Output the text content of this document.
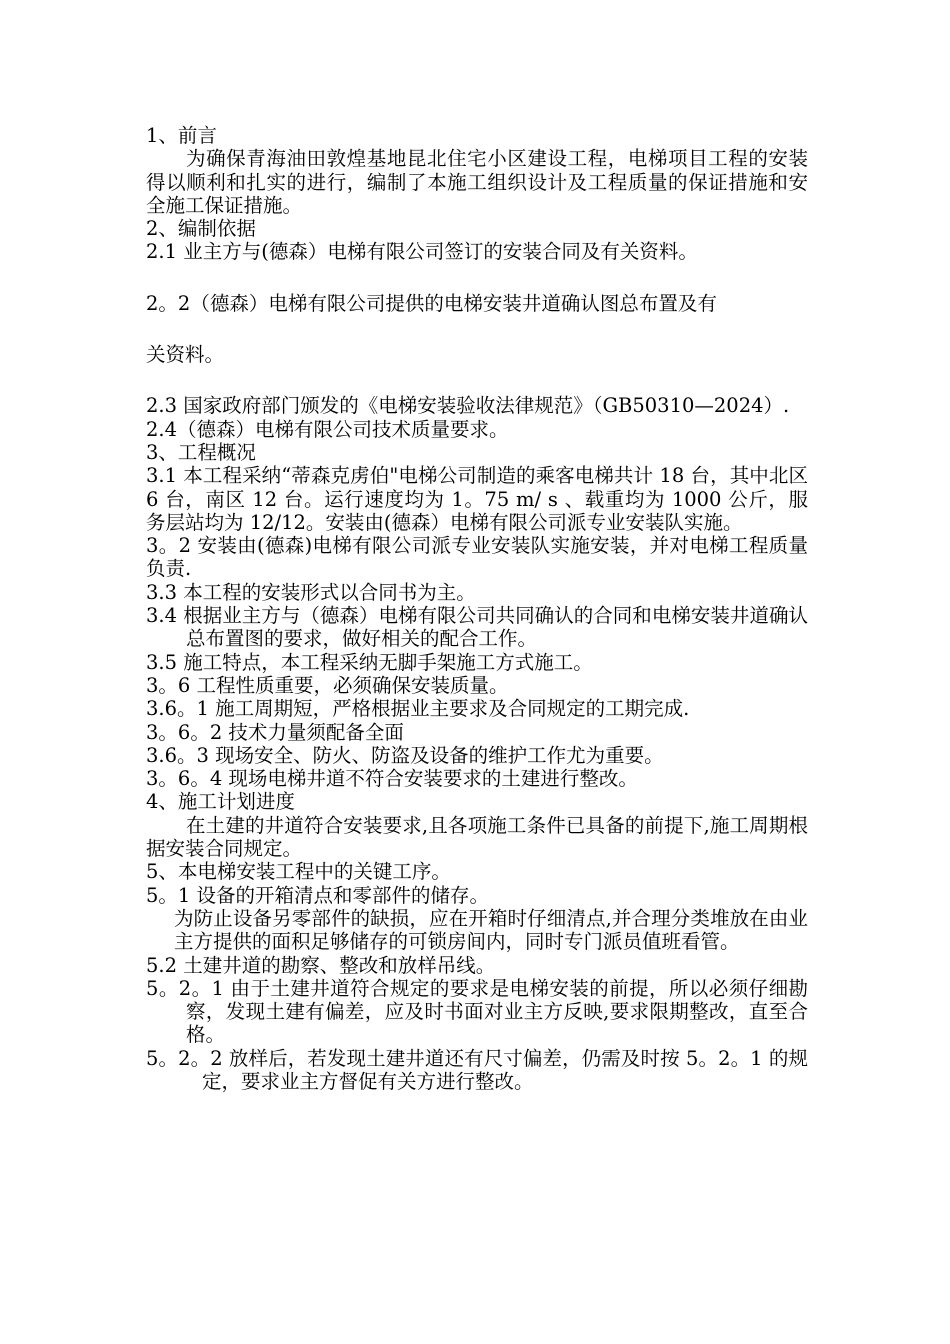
1、前言

为确保青海油田敦煌基地昆北住宅小区建设工程，电梯项目工程的安装得以顺利和扎实的进行，编制了本施工组织设计及工程质量的保证措施和安全施工保证措施。

2、编制依据

2.1 业主方与(德森）电梯有限公司签订的安装合同及有关资料。

2。2（德森）电梯有限公司提供的电梯安装井道确认图总布置及有

关资料。

2.3 国家政府部门颁发的《电梯安装验收法律规范》（GB50310—2024）.

2.4（德森）电梯有限公司技术质量要求。

3、工程概况

3.1 本工程采纳“蒂森克虏伯"电梯公司制造的乘客电梯共计 18 台，其中北区 6 台，南区 12 台。运行速度均为 1。75 m/ s 、载重均为 1000 公斤，服务层站均为 12/12。安装由(德森）电梯有限公司派专业安装队实施。

3。2 安装由(德森)电梯有限公司派专业安装队实施安装，并对电梯工程质量负责.

3.3 本工程的安装形式以合同书为主。

3.4 根据业主方与（德森）电梯有限公司共同确认的合同和电梯安装井道确认总布置图的要求，做好相关的配合工作。

3.5 施工特点，本工程采纳无脚手架施工方式施工。

3。6 工程性质重要，必须确保安装质量。

3.6。1 施工周期短，严格根据业主要求及合同规定的工期完成.

3。6。2 技术力量须配备全面

3.6。3 现场安全、防火、防盗及设备的维护工作尤为重要。

3。6。4 现场电梯井道不符合安装要求的土建进行整改。

4、施工计划进度

在土建的井道符合安装要求,且各项施工条件已具备的前提下,施工周期根据安装合同规定。

5、本电梯安装工程中的关键工序。

5。1 设备的开箱清点和零部件的储存。

为防止设备另零部件的缺损，应在开箱时仔细清点,并合理分类堆放在由业主方提供的面积足够储存的可锁房间内，同时专门派员值班看管。

5.2 土建井道的勘察、整改和放样吊线。

5。2。1 由于土建井道符合规定的要求是电梯安装的前提，所以必须仔细勘察，发现土建有偏差，应及时书面对业主方反映,要求限期整改，直至合格。

5。2。2 放样后，若发现土建井道还有尺寸偏差，仍需及时按 5。2。1 的规定，要求业主方督促有关方进行整改。
